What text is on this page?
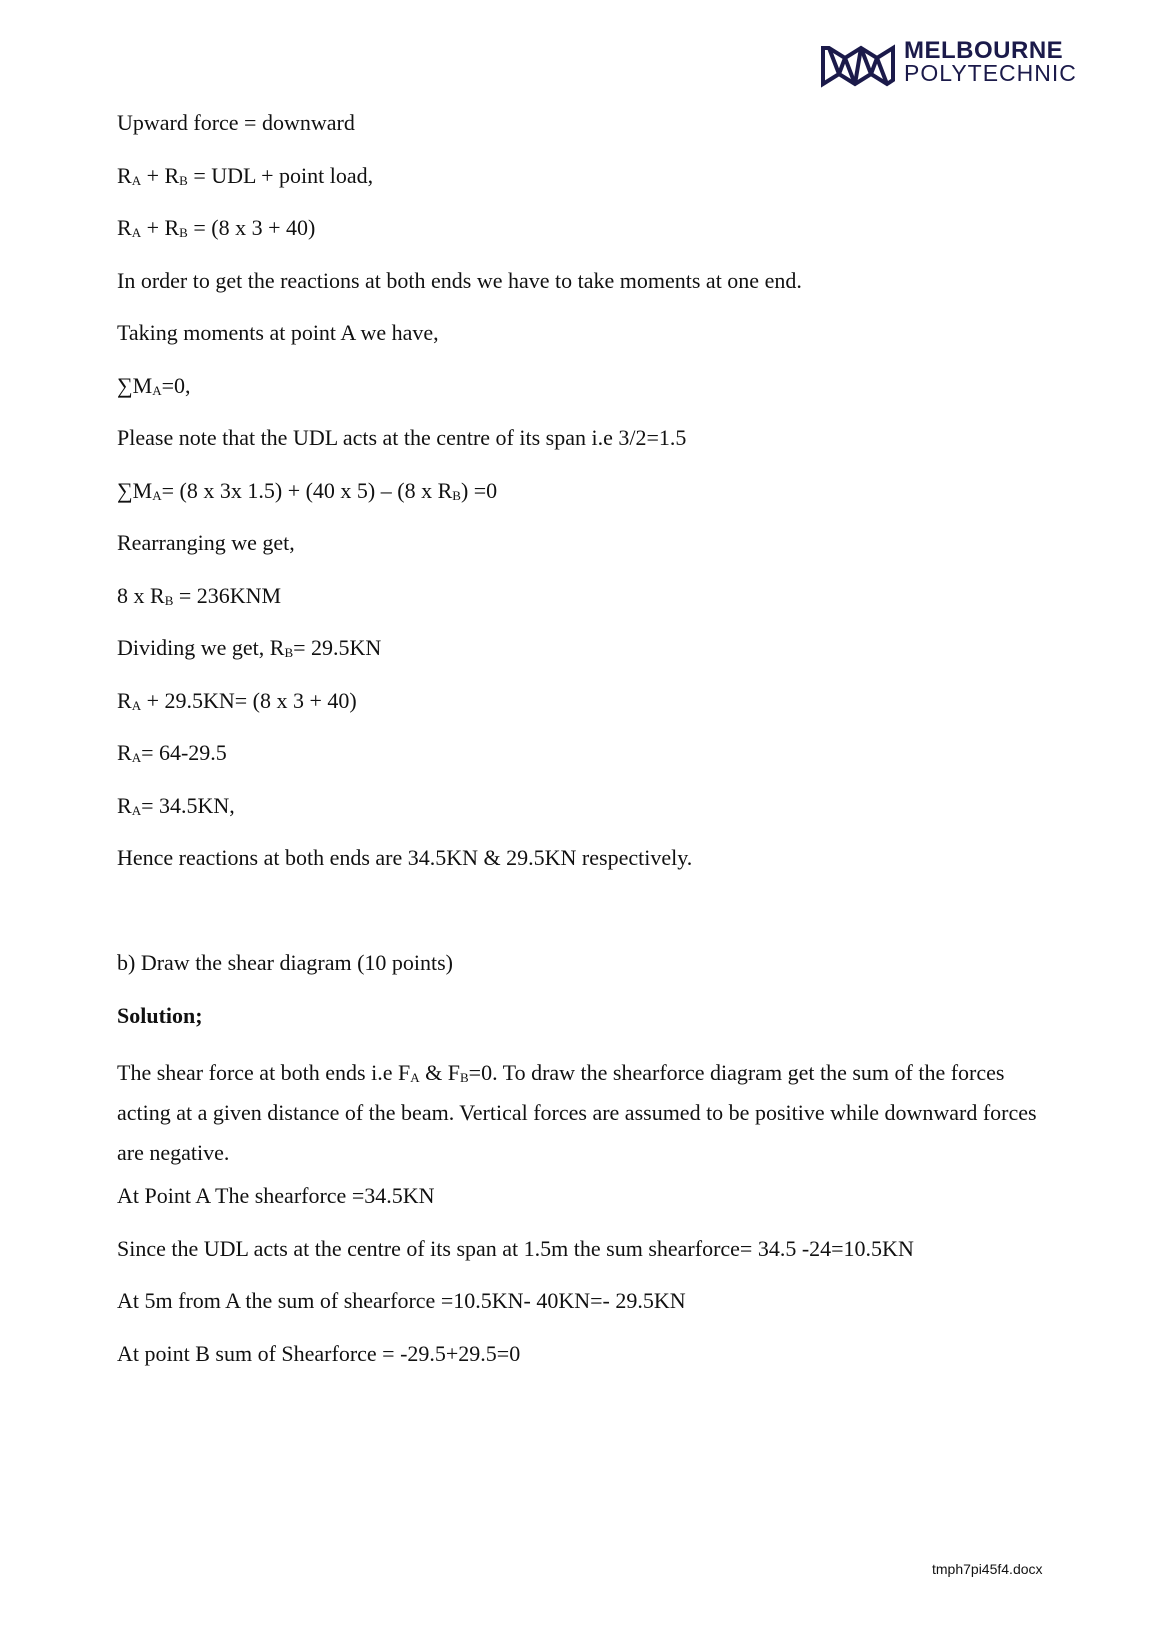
MELBOURNE
POLYTECHNIC

Upward force = downward

$R_A + R_B$ = UDL + point load,

$R_A + R_B = (8$ x 3 + 40)

In order to get the reactions at both ends we have to take moments at one end.

Taking moments at point A we have,

$\sum M_A=0$,

Please note that the UDL acts at the centre of its span i.e 3/2=1.5

$\sum M_A= (8$ x 3x 1.5) + (40 x 5) – (8 x $R_B) =0$

Rearranging we get,

8 x $R_B = 236KNM$

Dividing we get, $R_B= 29.5KN$

$R_A + 29.5KN= (8$ x 3 + 40)

$R_A= 64-29.5$

$R_A= 34.5KN$,

Hence reactions at both ends are 34.5KN & 29.5KN respectively.

b) Draw the shear diagram (10 points)

Solution;

The shear force at both ends i.e $F_A$ & $F_B=0$. To draw the shearforce diagram get the sum of the forces acting at a given distance of the beam. Vertical forces are assumed to be positive while downward forces are negative.

At Point A The shearforce =34.5KN

Since the UDL acts at the centre of its span at 1.5m the sum shearforce= 34.5 -24=10.5KN

At 5m from A the sum of shearforce =10.5KN- 40KN=- 29.5KN

At point B sum of Shearforce = -29.5+29.5=0

tmph7pi45f4.docx
